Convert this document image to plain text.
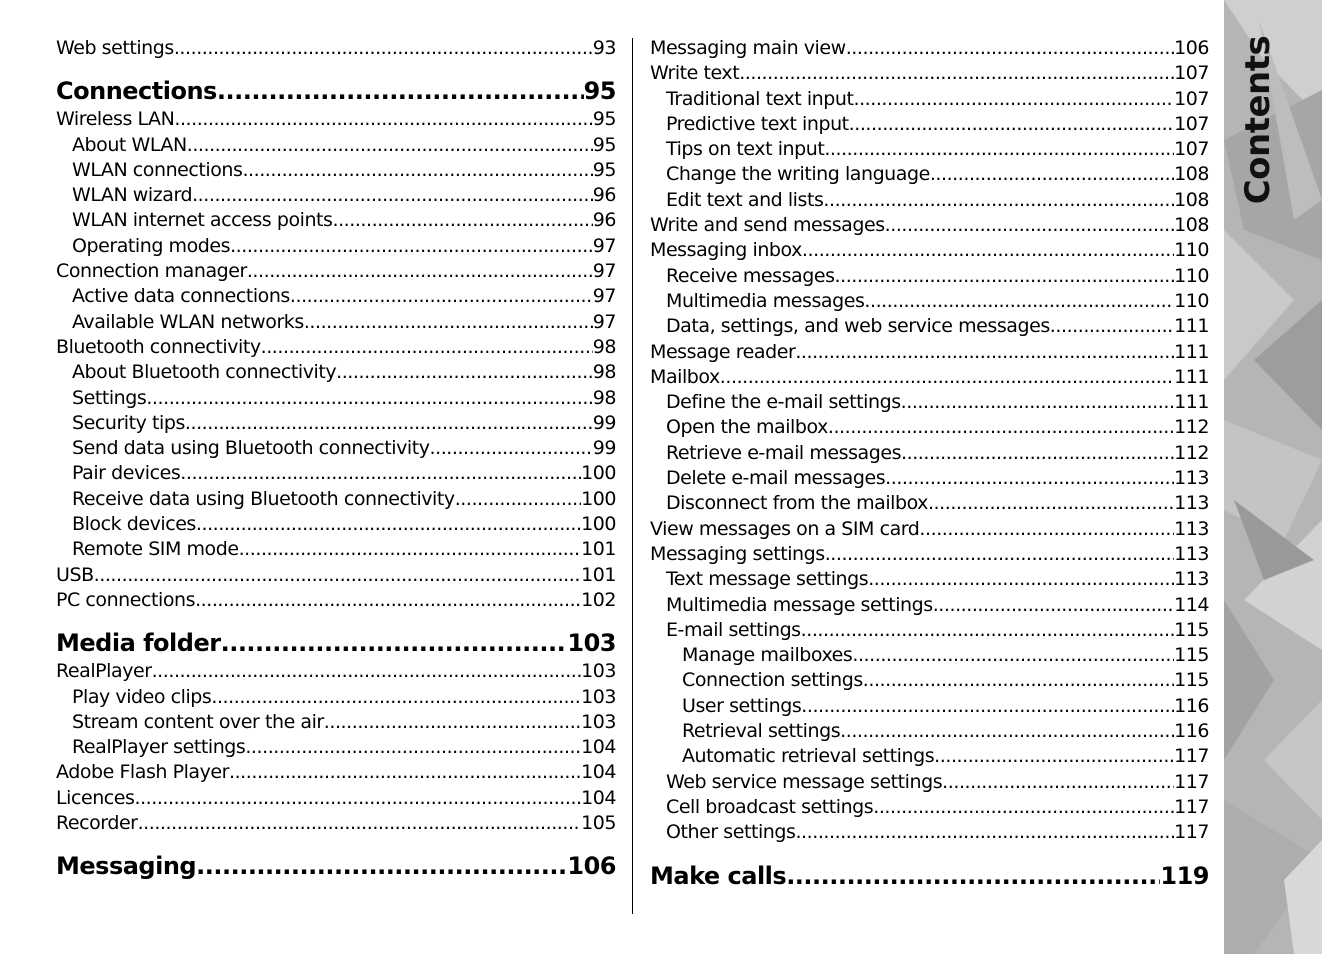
Web settings .....	93
Connections .....	95
Wireless LAN .....	95
About WLAN .....	95
WLAN connections .....	95
WLAN wizard .....	96
WLAN internet access points .....	96
Operating modes .....	97
Connection manager .....	97
Active data connections .....	97
Available WLAN networks .....	97
Bluetooth connectivity .....	98
About Bluetooth connectivity .....	98
Settings .....	98
Security tips .....	99
Send data using Bluetooth connectivity .....	99
Pair devices .....	100
Receive data using Bluetooth connectivity .....	100
Block devices .....	100
Remote SIM mode .....	101
USB .....	101
PC connections .....	102
Media folder .....	103
RealPlayer .....	103
Play video clips .....	103
Stream content over the air .....	103
RealPlayer settings .....	104
Adobe Flash Player .....	104
Licences .....	104
Recorder .....	105
Messaging .....	106
Messaging main view .....	106
Write text .....	107
Traditional text input .....	107
Predictive text input .....	107
Tips on text input .....	107
Change the writing language .....	108
Edit text and lists .....	108
Write and send messages .....	108
Messaging inbox .....	110
Receive messages .....	110
Multimedia messages .....	110
Data, settings, and web service messages .....	111
Message reader .....	111
Mailbox .....	111
Define the e-mail settings .....	111
Open the mailbox .....	112
Retrieve e-mail messages .....	112
Delete e-mail messages .....	113
Disconnect from the mailbox .....	113
View messages on a SIM card .....	113
Messaging settings .....	113
Text message settings .....	113
Multimedia message settings .....	114
E-mail settings .....	115
Manage mailboxes .....	115
Connection settings .....	115
User settings .....	116
Retrieval settings .....	116
Automatic retrieval settings .....	117
Web service message settings .....	117
Cell broadcast settings .....	117
Other settings .....	117
Make calls .....	119
Contents
